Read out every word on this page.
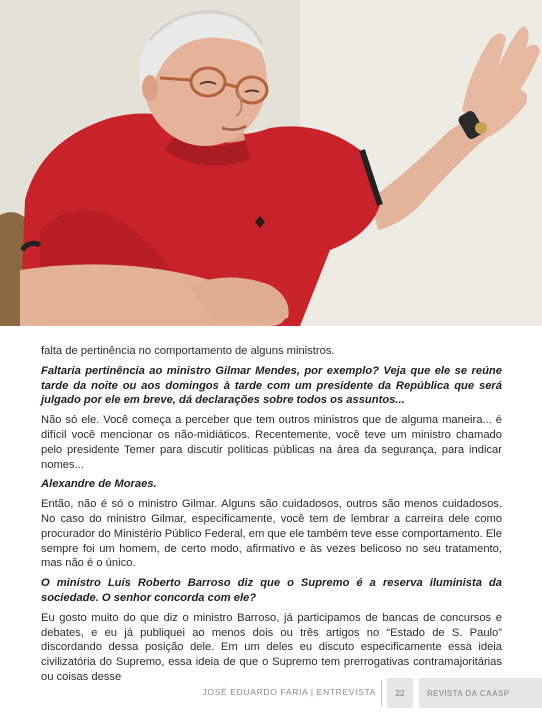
falta de pertinência no comportamento de alguns ministros.

Faltaria pertinência ao ministro Gilmar Mendes, por exemplo? Veja que ele se reúne tarde da noite ou aos domingos à tarde com um presidente da República que será julgado por ele em breve, dá declarações sobre todos os assuntos...

Não só ele. Você começa a perceber que tem outros ministros que de alguma maneira... é difícil você mencionar os não-midiáticos. Recentemente, você teve um ministro chamado pelo presidente Temer para discutir políticas públicas na área da segurança, para indicar nomes...

Alexandre de Moraes.

Então, não é só o ministro Gilmar. Alguns são cuidadosos, outros são menos cuidadosos. No caso do ministro Gilmar, especificamente, você tem de lembrar a carreira dele como procurador do Ministério Público Federal, em que ele também teve esse comportamento. Ele sempre foi um homem, de certo modo, afirmativo e às vezes belicoso no seu tratamento, mas não é o único.

O ministro Luís Roberto Barroso diz que o Supremo é a reserva iluminista da sociedade. O senhor concorda com ele?

Eu gosto muito do que diz o ministro Barroso, já participamos de bancas de concursos e debates, e eu já publiquei ao menos dois ou três artigos no “Estado de S. Paulo” discordando dessa posição dele. Em um deles eu discuto especificamente essa ideia civilizatória do Supremo, essa ideia de que o Supremo tem prerrogativas contramajoritárias ou coisas desse

JOSÉ EDUARDO FARIA | ENTREVISTA	22	REVISTA DA CAASP
